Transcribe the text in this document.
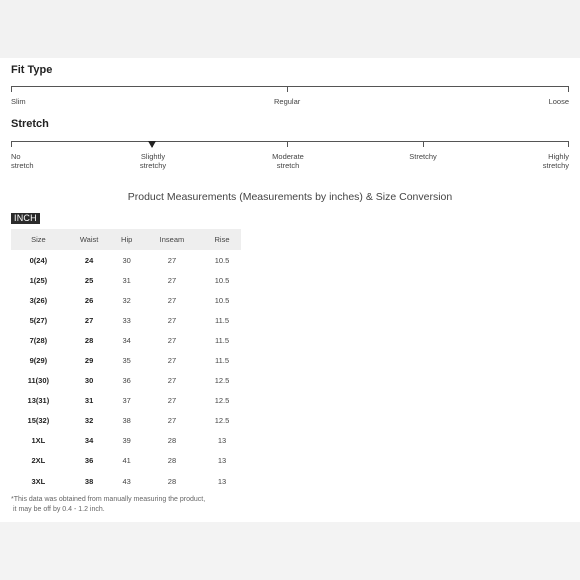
Fit Type
Slim	Regular	Loose
Stretch
No
stretch
Slightly
stretchy
Moderate
stretch
Stretchy	Highly
stretchy
Product Measurements (Measurements by inches) & Size Conversion
INCH
Size	Waist	Hip	Inseam	Rise
0(24)	24	30	27	10.5
1(25)	25	31	27	10.5
3(26)	26	32	27	10.5
5(27)	27	33	27	11.5
7(28)	28	34	27	11.5
9(29)	29	35	27	11.5
11(30)	30	36	27	12.5
13(31)	31	37	27	12.5
15(32)	32	38	27	12.5
1XL	34	39	28	13
2XL	36	41	28	13
3XL	38	43	28	13
*This data was obtained from manually measuring the product,
it may be off by 0.4 - 1.2 inch.
